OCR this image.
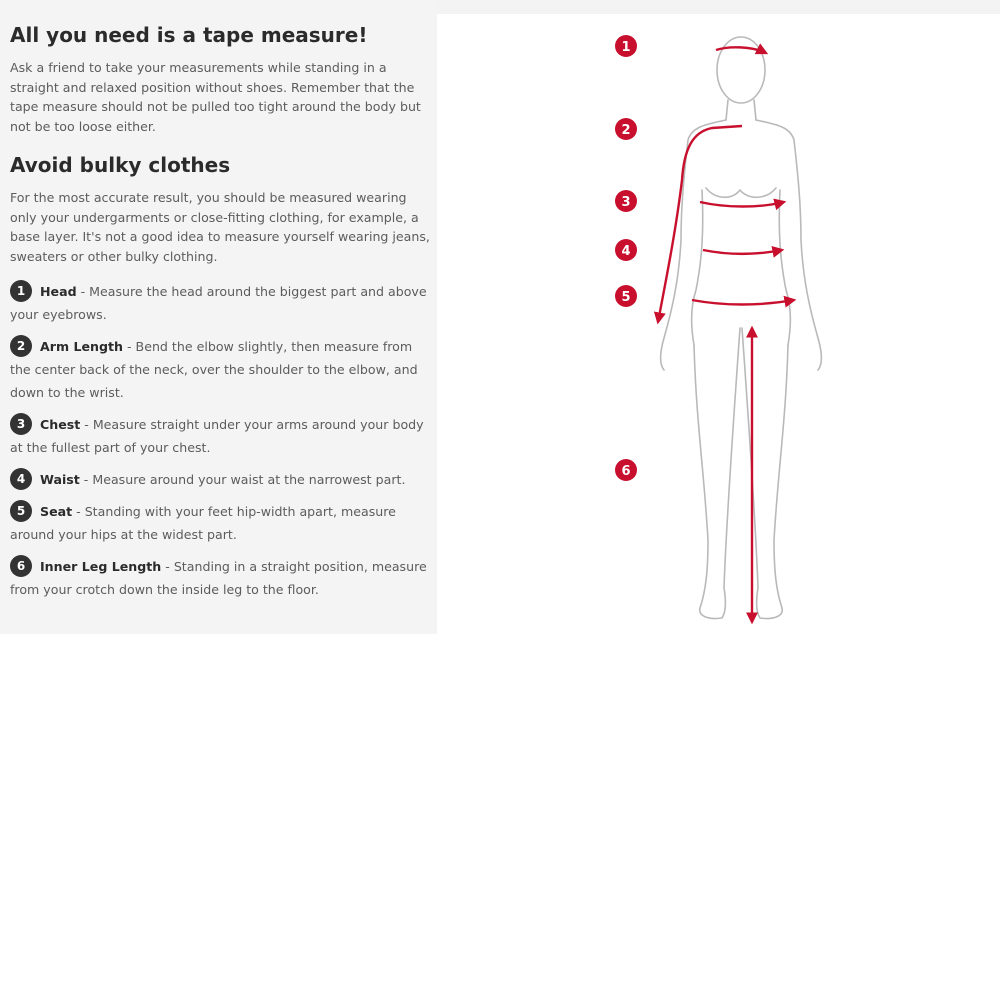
All you need is a tape measure!

Ask a friend to take your measurements while standing in a straight and relaxed position without shoes. Remember that the tape measure should not be pulled too tight around the body but not be too loose either.

Avoid bulky clothes

For the most accurate result, you should be measured wearing only your undergarments or close-fitting clothing, for example, a base layer. It's not a good idea to measure yourself wearing jeans, sweaters or other bulky clothing.

1 Head - Measure the head around the biggest part and above your eyebrows.
2 Arm Length - Bend the elbow slightly, then measure from the center back of the neck, over the shoulder to the elbow, and down to the wrist.
3 Chest - Measure straight under your arms around your body at the fullest part of your chest.
4 Waist - Measure around your waist at the narrowest part.
5 Seat - Standing with your feet hip-width apart, measure around your hips at the widest part.
6 Inner Leg Length - Standing in a straight position, measure from your crotch down the inside leg to the floor.
1
2
3
4
5
6
